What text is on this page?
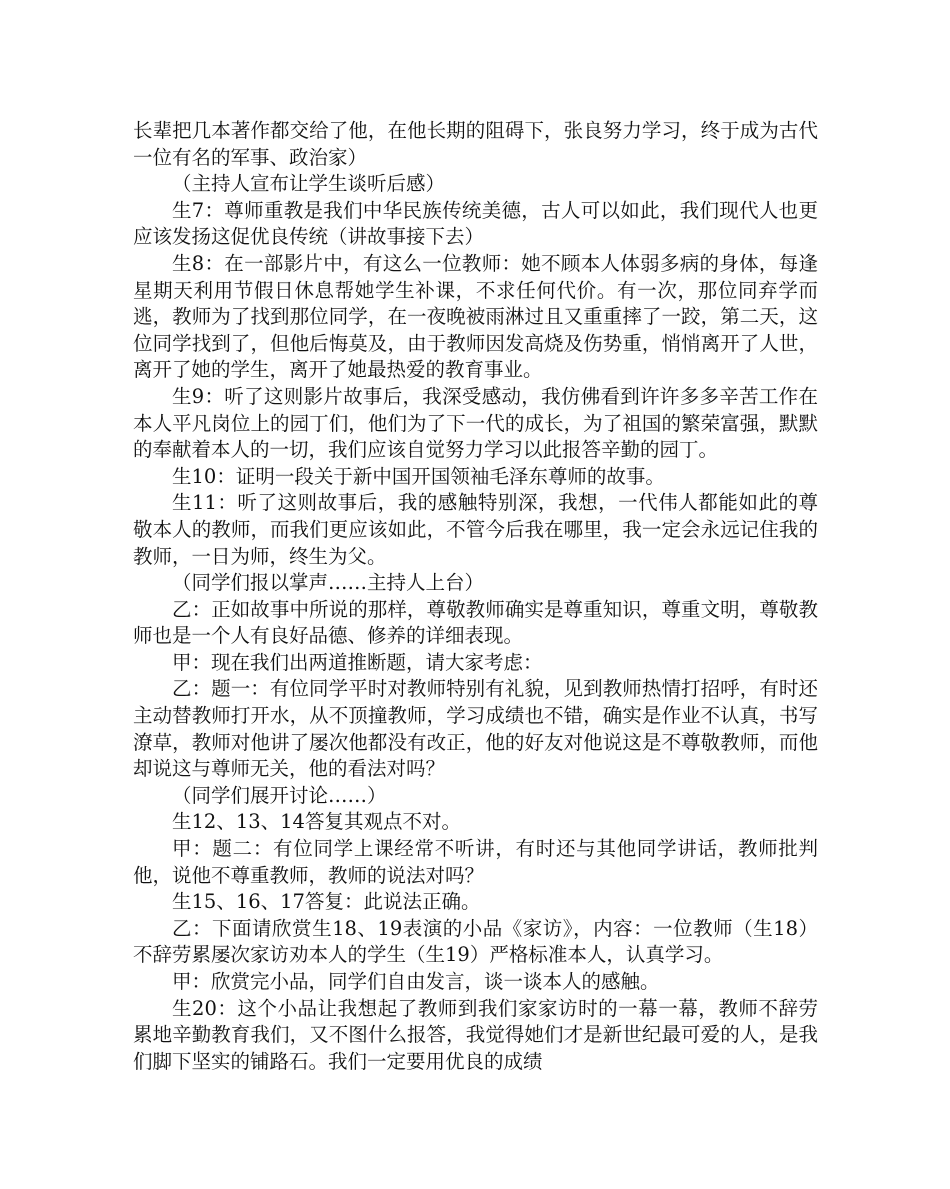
长辈把几本著作都交给了他，在他长期的阻碍下，张良努力学习，终于成为古代一位有名的军事、政治家）

（主持人宣布让学生谈听后感）

生7：尊师重教是我们中华民族传统美德，古人可以如此，我们现代人也更应该发扬这促优良传统（讲故事接下去）

生8：在一部影片中，有这么一位教师：她不顾本人体弱多病的身体，每逢星期天利用节假日休息帮她学生补课，不求任何代价。有一次，那位同弃学而逃，教师为了找到那位同学，在一夜晚被雨淋过且又重重摔了一跤，第二天，这位同学找到了，但他后悔莫及，由于教师因发高烧及伤势重，悄悄离开了人世，离开了她的学生，离开了她最热爱的教育事业。

生9：听了这则影片故事后，我深受感动，我仿佛看到许许多多辛苦工作在本人平凡岗位上的园丁们，他们为了下一代的成长，为了祖国的繁荣富强，默默的奉献着本人的一切，我们应该自觉努力学习以此报答辛勤的园丁。

生10：证明一段关于新中国开国领袖毛泽东尊师的故事。

生11：听了这则故事后，我的感触特别深，我想，一代伟人都能如此的尊敬本人的教师，而我们更应该如此，不管今后我在哪里，我一定会永远记住我的教师，一日为师，终生为父。

（同学们报以掌声……主持人上台）

乙：正如故事中所说的那样，尊敬教师确实是尊重知识，尊重文明，尊敬教师也是一个人有良好品德、修养的详细表现。

甲：现在我们出两道推断题，请大家考虑：

乙：题一：有位同学平时对教师特别有礼貌，见到教师热情打招呼，有时还主动替教师打开水，从不顶撞教师，学习成绩也不错，确实是作业不认真，书写潦草，教师对他讲了屡次他都没有改正，他的好友对他说这是不尊敬教师，而他却说这与尊师无关，他的看法对吗？

（同学们展开讨论……）

生12、13、14答复其观点不对。

甲：题二：有位同学上课经常不听讲，有时还与其他同学讲话，教师批判他，说他不尊重教师，教师的说法对吗？

生15、16、17答复：此说法正确。

乙：下面请欣赏生18、19表演的小品《家访》，内容：一位教师（生18）不辞劳累屡次家访劝本人的学生（生19）严格标准本人，认真学习。

甲：欣赏完小品，同学们自由发言，谈一谈本人的感触。

生20：这个小品让我想起了教师到我们家家访时的一幕一幕，教师不辞劳累地辛勤教育我们，又不图什么报答，我觉得她们才是新世纪最可爱的人，是我们脚下坚实的铺路石。我们一定要用优良的成绩
